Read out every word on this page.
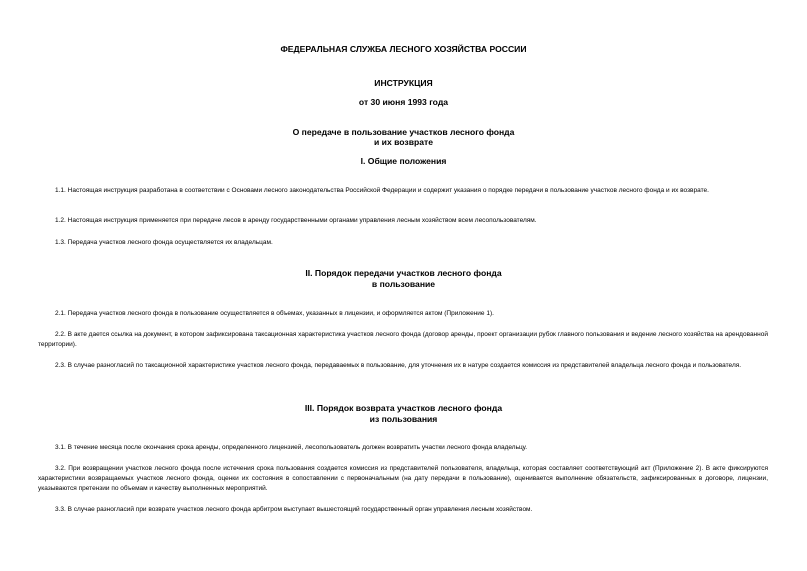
ФЕДЕРАЛЬНАЯ СЛУЖБА ЛЕСНОГО ХОЗЯЙСТВА РОССИИ
ИНСТРУКЦИЯ
от 30 июня 1993 года
О передаче в пользование участков лесного фонда
и их возврате
I. Общие положения
1.1. Настоящая инструкция разработана в соответствии с Основами лесного законодательства Российской Федерации и содержит указания о порядке передачи в пользование участков лесного фонда и их возврате.
1.2. Настоящая инструкция применяется при передаче лесов в аренду государственными органами управления лесным хозяйством всем лесопользователям.
1.3. Передача участков лесного фонда осуществляется их владельцам.
II. Порядок передачи участков лесного фонда
в пользование
2.1. Передача участков лесного фонда в пользование осуществляется в объемах, указанных в лицензии, и оформляется актом (Приложение 1).
2.2. В акте дается ссылка на документ, в котором зафиксирована таксационная характеристика участков лесного фонда (договор аренды, проект организации рубок главного пользования и ведение лесного хозяйства на арендованной территории).
2.3. В случае разногласий по таксационной характеристике участков лесного фонда, передаваемых в пользование, для уточнения их в натуре создается комиссия из представителей владельца лесного фонда и пользователя.
III. Порядок возврата участков лесного фонда
из пользования
3.1. В течение месяца после окончания срока аренды, определенного лицензией, лесопользователь должен возвратить участки лесного фонда владельцу.
3.2. При возвращении участков лесного фонда после истечения срока пользования создается комиссия из представителей пользователя, владельца, которая составляет соответствующий акт (Приложение 2). В акте фиксируются характеристики возвращаемых участков лесного фонда, оценки их состояния в сопоставлении с первоначальным (на дату передачи в пользование), оценивается выполнение обязательств, зафиксированных в договоре, лицензии, указываются претензии по объемам и качеству выполненных мероприятий.
3.3. В случае разногласий при возврате участков лесного фонда арбитром выступает вышестоящий государственный орган управления лесным хозяйством.
